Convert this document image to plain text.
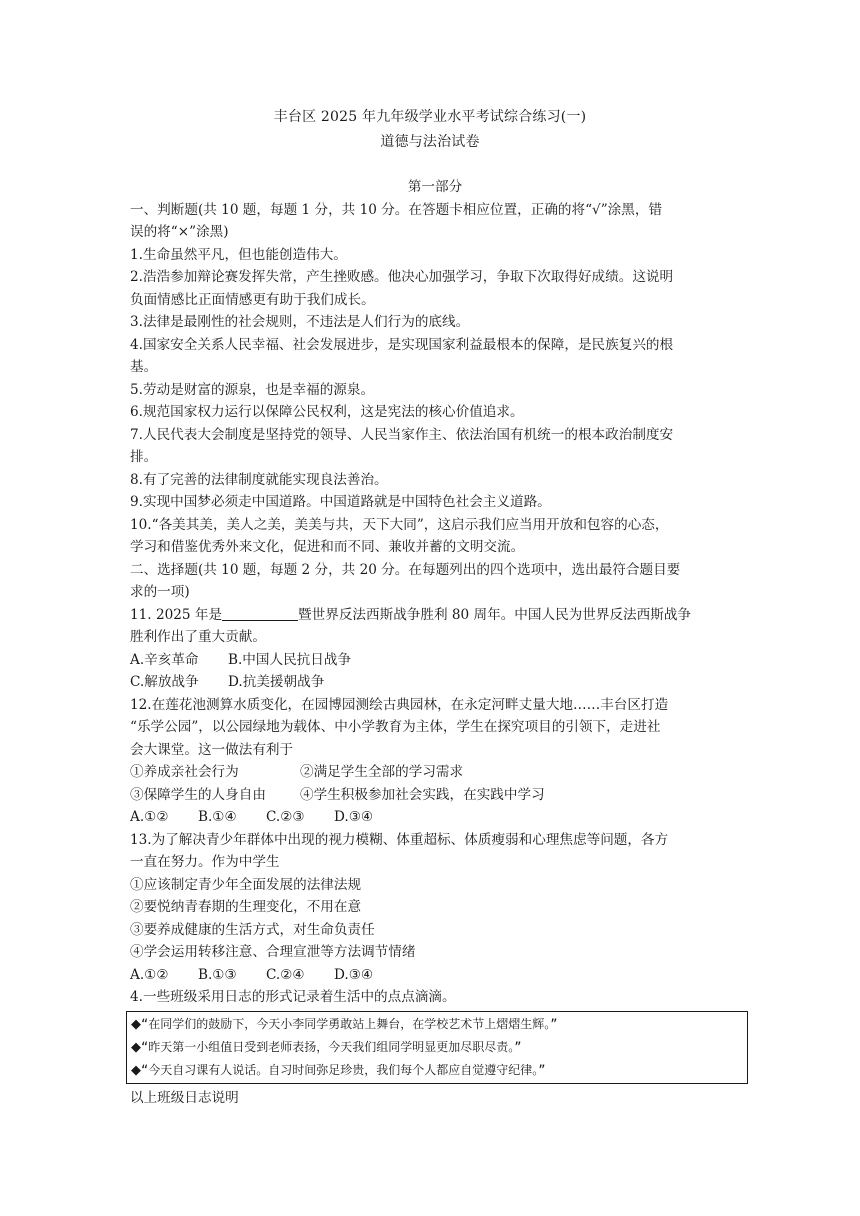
丰台区 2025 年九年级学业水平考试综合练习(一)
道德与法治试卷
第一部分
一、判断题(共 10 题，每题 1 分，共 10 分。在答题卡相应位置，正确的将“√”涂黑，错
误的将“×”涂黑)
1.生命虽然平凡，但也能创造伟大。
2.浩浩参加辩论赛发挥失常，产生挫败感。他决心加强学习，争取下次取得好成绩。这说明
负面情感比正面情感更有助于我们成长。
3.法律是最刚性的社会规则，不违法是人们行为的底线。
4.国家安全关系人民幸福、社会发展进步，是实现国家利益最根本的保障，是民族复兴的根
基。
5.劳动是财富的源泉，也是幸福的源泉。
6.规范国家权力运行以保障公民权利，这是宪法的核心价值追求。
7.人民代表大会制度是坚持党的领导、人民当家作主、依法治国有机统一的根本政治制度安
排。
8.有了完善的法律制度就能实现良法善治。
9.实现中国梦必须走中国道路。中国道路就是中国特色社会主义道路。
10.“各美其美，美人之美，美美与共，天下大同”，这启示我们应当用开放和包容的心态，
学习和借鉴优秀外来文化，促进和而不同、兼收并蓄的文明交流。
二、选择题(共 10 题，每题 2 分，共 20 分。在每题列出的四个选项中，选出最符合题目要
求的一项)
11. 2025 年是	暨世界反法西斯战争胜利 80 周年。中国人民为世界反法西斯战争
胜利作出了重大贡献。
A.辛亥革命 B.中国人民抗日战争
C.解放战争 D.抗美援朝战争
12.在莲花池测算水质变化，在园博园测绘古典园林，在永定河畔丈量大地……丰台区打造
“乐学公园”，以公园绿地为载体、中小学教育为主体，学生在探究项目的引领下，走进社
会大课堂。这一做法有利于
①养成亲社会行为	②满足学生全部的学习需求
③保障学生的人身自由	④学生积极参加社会实践，在实践中学习
A.①② B.①④ C.②③ D.③④
13.为了解决青少年群体中出现的视力模糊、体重超标、体质瘦弱和心理焦虑等问题，各方
一直在努力。作为中学生
①应该制定青少年全面发展的法律法规
②要悦纳青春期的生理变化，不用在意
③要养成健康的生活方式，对生命负责任
④学会运用转移注意、合理宣泄等方法调节情绪
A.①② B.①③ C.②④ D.③④
4.一些班级采用日志的形式记录着生活中的点点滴滴。
◆“在同学们的鼓励下，今天小李同学勇敢站上舞台，在学校艺术节上熠熠生辉。”
◆“昨天第一小组值日受到老师表扬，今天我们组同学明显更加尽职尽责。”
◆“今天自习课有人说话。自习时间弥足珍贵，我们每个人都应自觉遵守纪律。”
以上班级日志说明
